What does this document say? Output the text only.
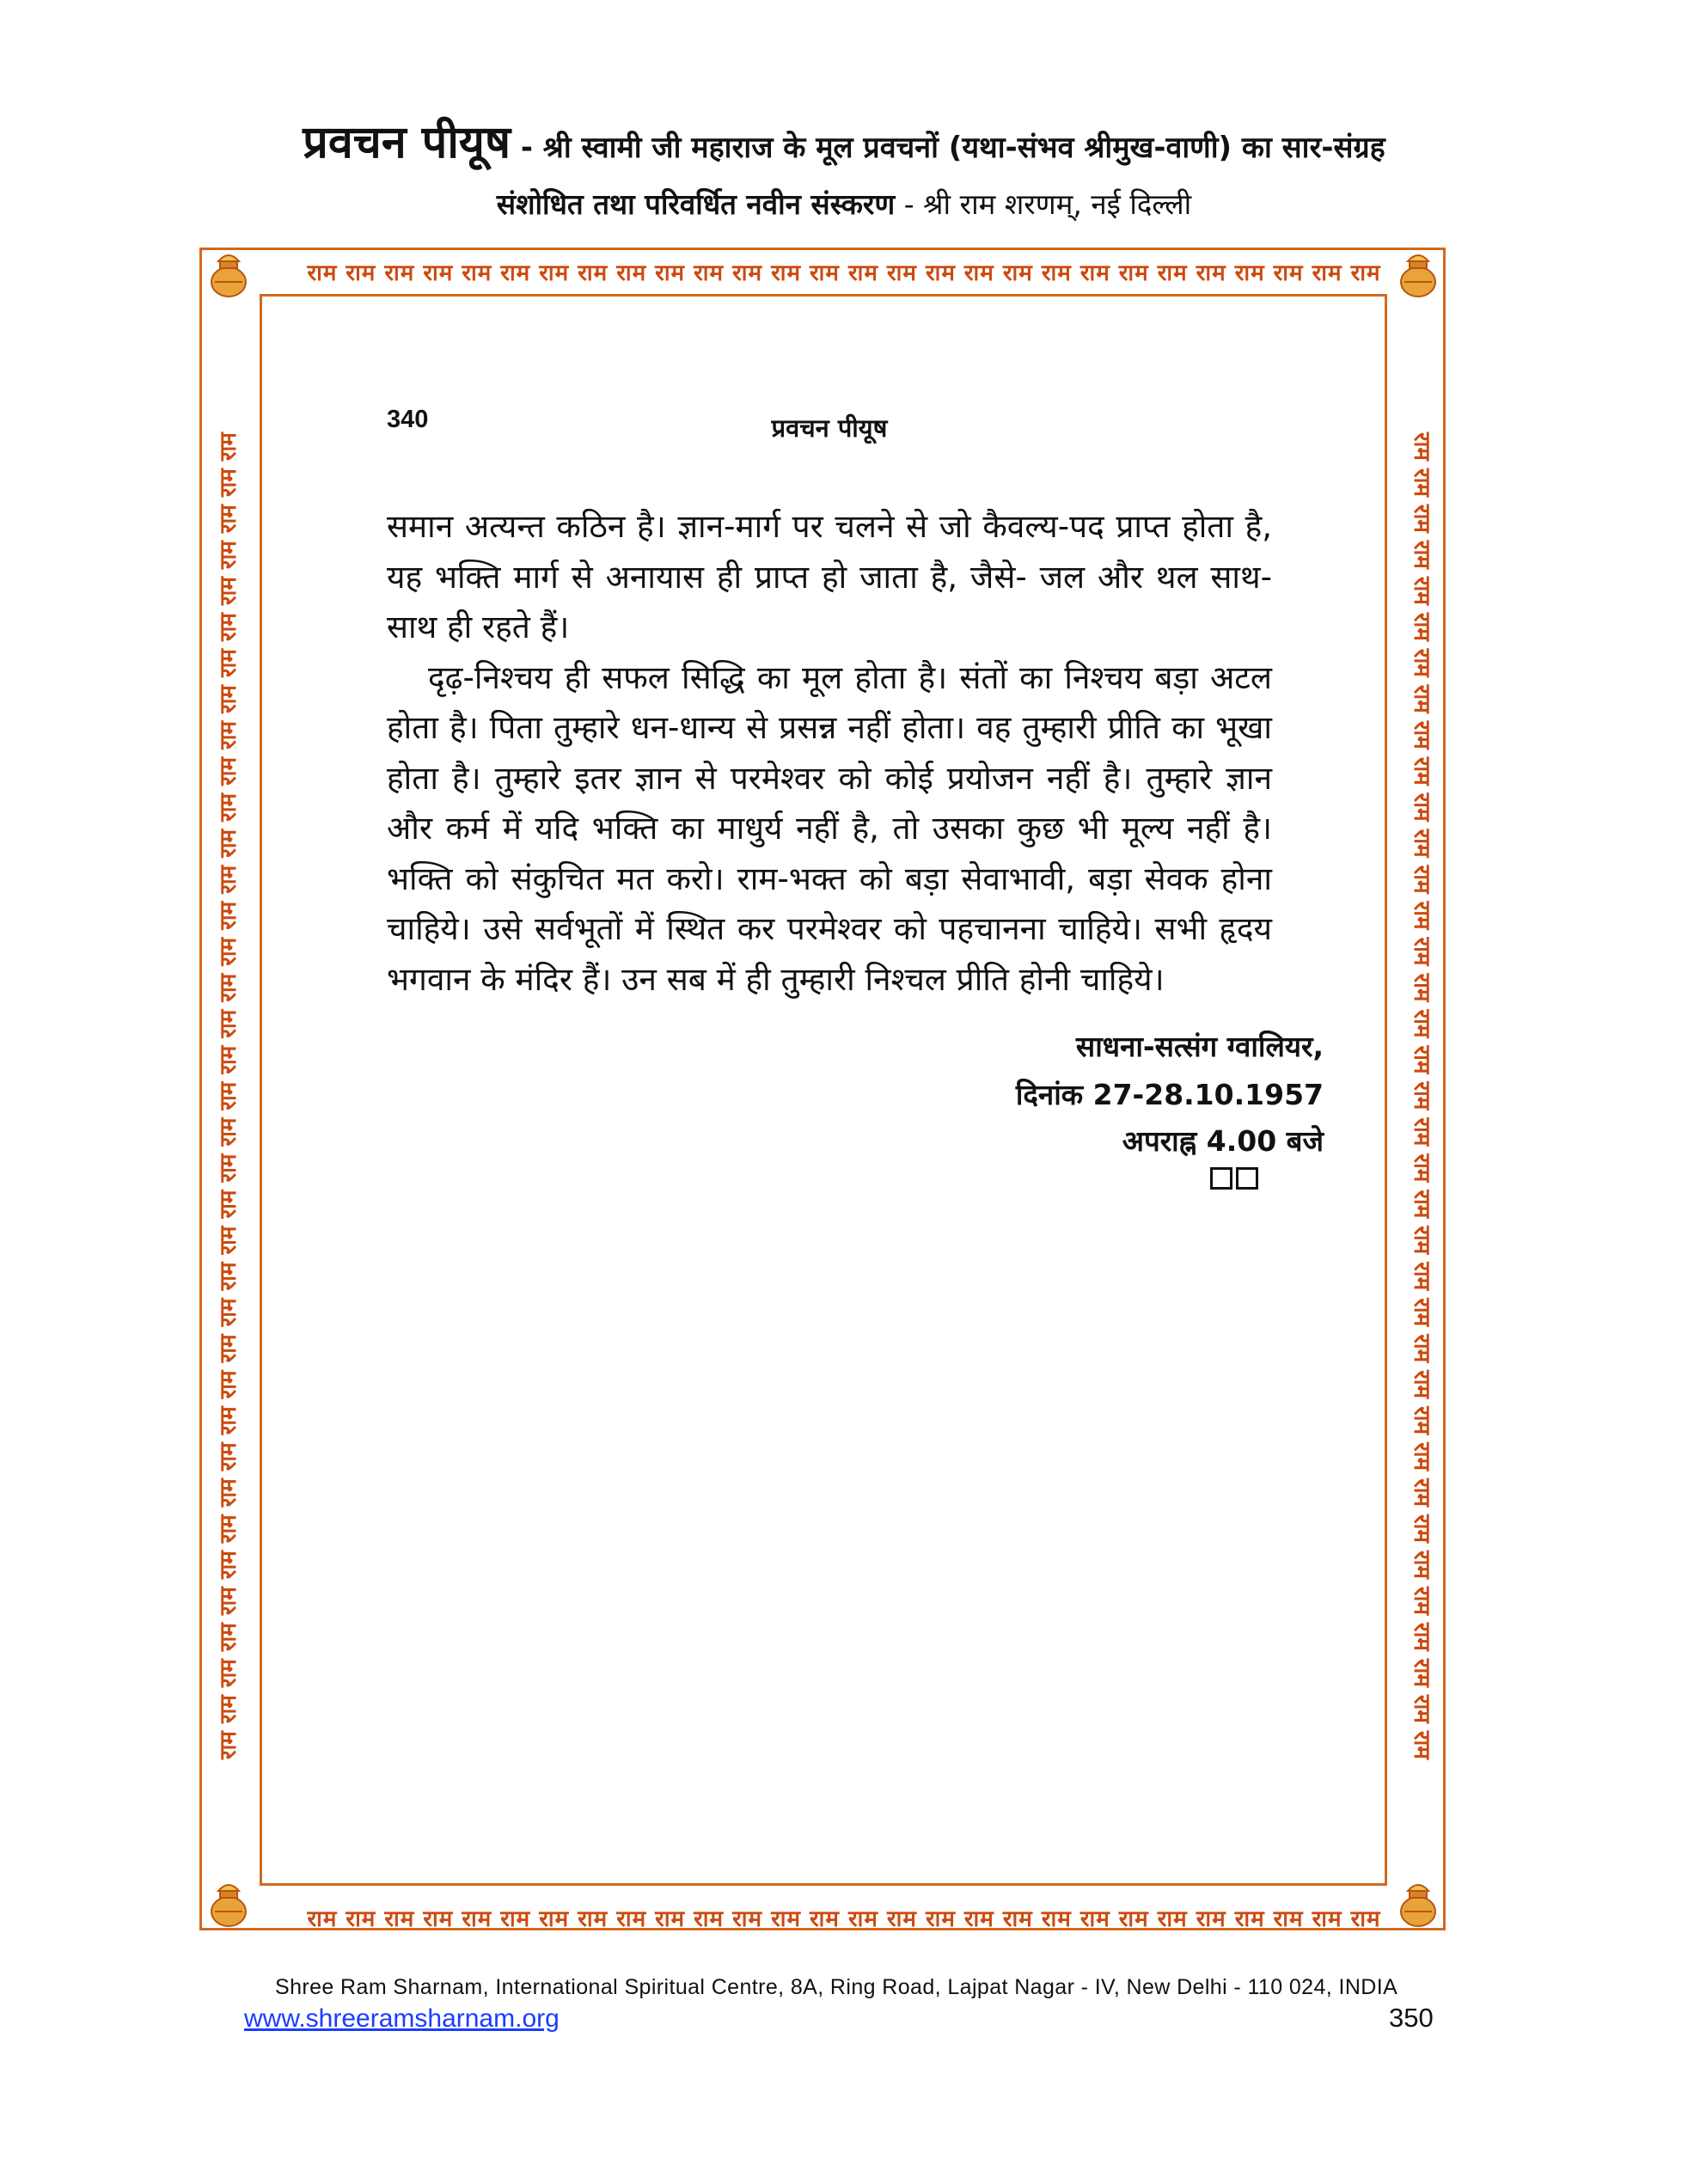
प्रवचन पीयूष - श्री स्वामी जी महाराज के मूल प्रवचनों (यथा-संभव श्रीमुख-वाणी) का सार-संग्रह
संशोधित तथा परिवर्धित नवीन संस्करण - श्री राम शरणम्, नई दिल्ली
राम राम राम राम राम राम राम राम राम राम राम राम राम राम राम राम राम राम राम राम राम राम राम राम राम राम राम राम
राम राम राम राम राम राम राम राम राम राम राम राम राम राम राम राम राम राम राम राम राम राम राम राम राम राम राम राम
राम राम राम राम राम राम राम राम राम राम राम राम राम राम राम राम राम राम राम राम राम राम राम राम राम राम राम राम राम राम राम राम राम राम राम राम राम	राम राम राम राम राम राम राम राम राम राम राम राम राम राम राम राम राम राम राम राम राम राम राम राम राम राम राम राम राम राम राम राम राम राम राम राम राम
340	प्रवचन पीयूष

समान अत्यन्त कठिन है। ज्ञान-मार्ग पर चलने से जो कैवल्य-पद प्राप्त होता है, यह भक्ति मार्ग से अनायास ही प्राप्त हो जाता है, जैसे- जल और थल साथ-साथ ही रहते हैं।

दृढ़-निश्चय ही सफल सिद्धि का मूल होता है। संतों का निश्चय बड़ा अटल होता है। पिता तुम्हारे धन-धान्य से प्रसन्न नहीं होता। वह तुम्हारी प्रीति का भूखा होता है। तुम्हारे इतर ज्ञान से परमेश्वर को कोई प्रयोजन नहीं है। तुम्हारे ज्ञान और कर्म में यदि भक्ति का माधुर्य नहीं है, तो उसका कुछ भी मूल्य नहीं है। भक्ति को संकुचित मत करो। राम-भक्त को बड़ा सेवाभावी, बड़ा सेवक होना चाहिये। उसे सर्वभूतों में स्थित कर परमेश्वर को पहचानना चाहिये। सभी हृदय भगवान के मंदिर हैं। उन सब में ही तुम्हारी निश्चल प्रीति होनी चाहिये।

साधना-सत्संग ग्वालियर,
दिनांक 27-28.10.1957
अपराह्न 4.00 बजे
Shree Ram Sharnam, International Spiritual Centre, 8A, Ring Road, Lajpat Nagar - IV, New Delhi - 110 024, INDIA
www.shreeramsharnam.org	350
